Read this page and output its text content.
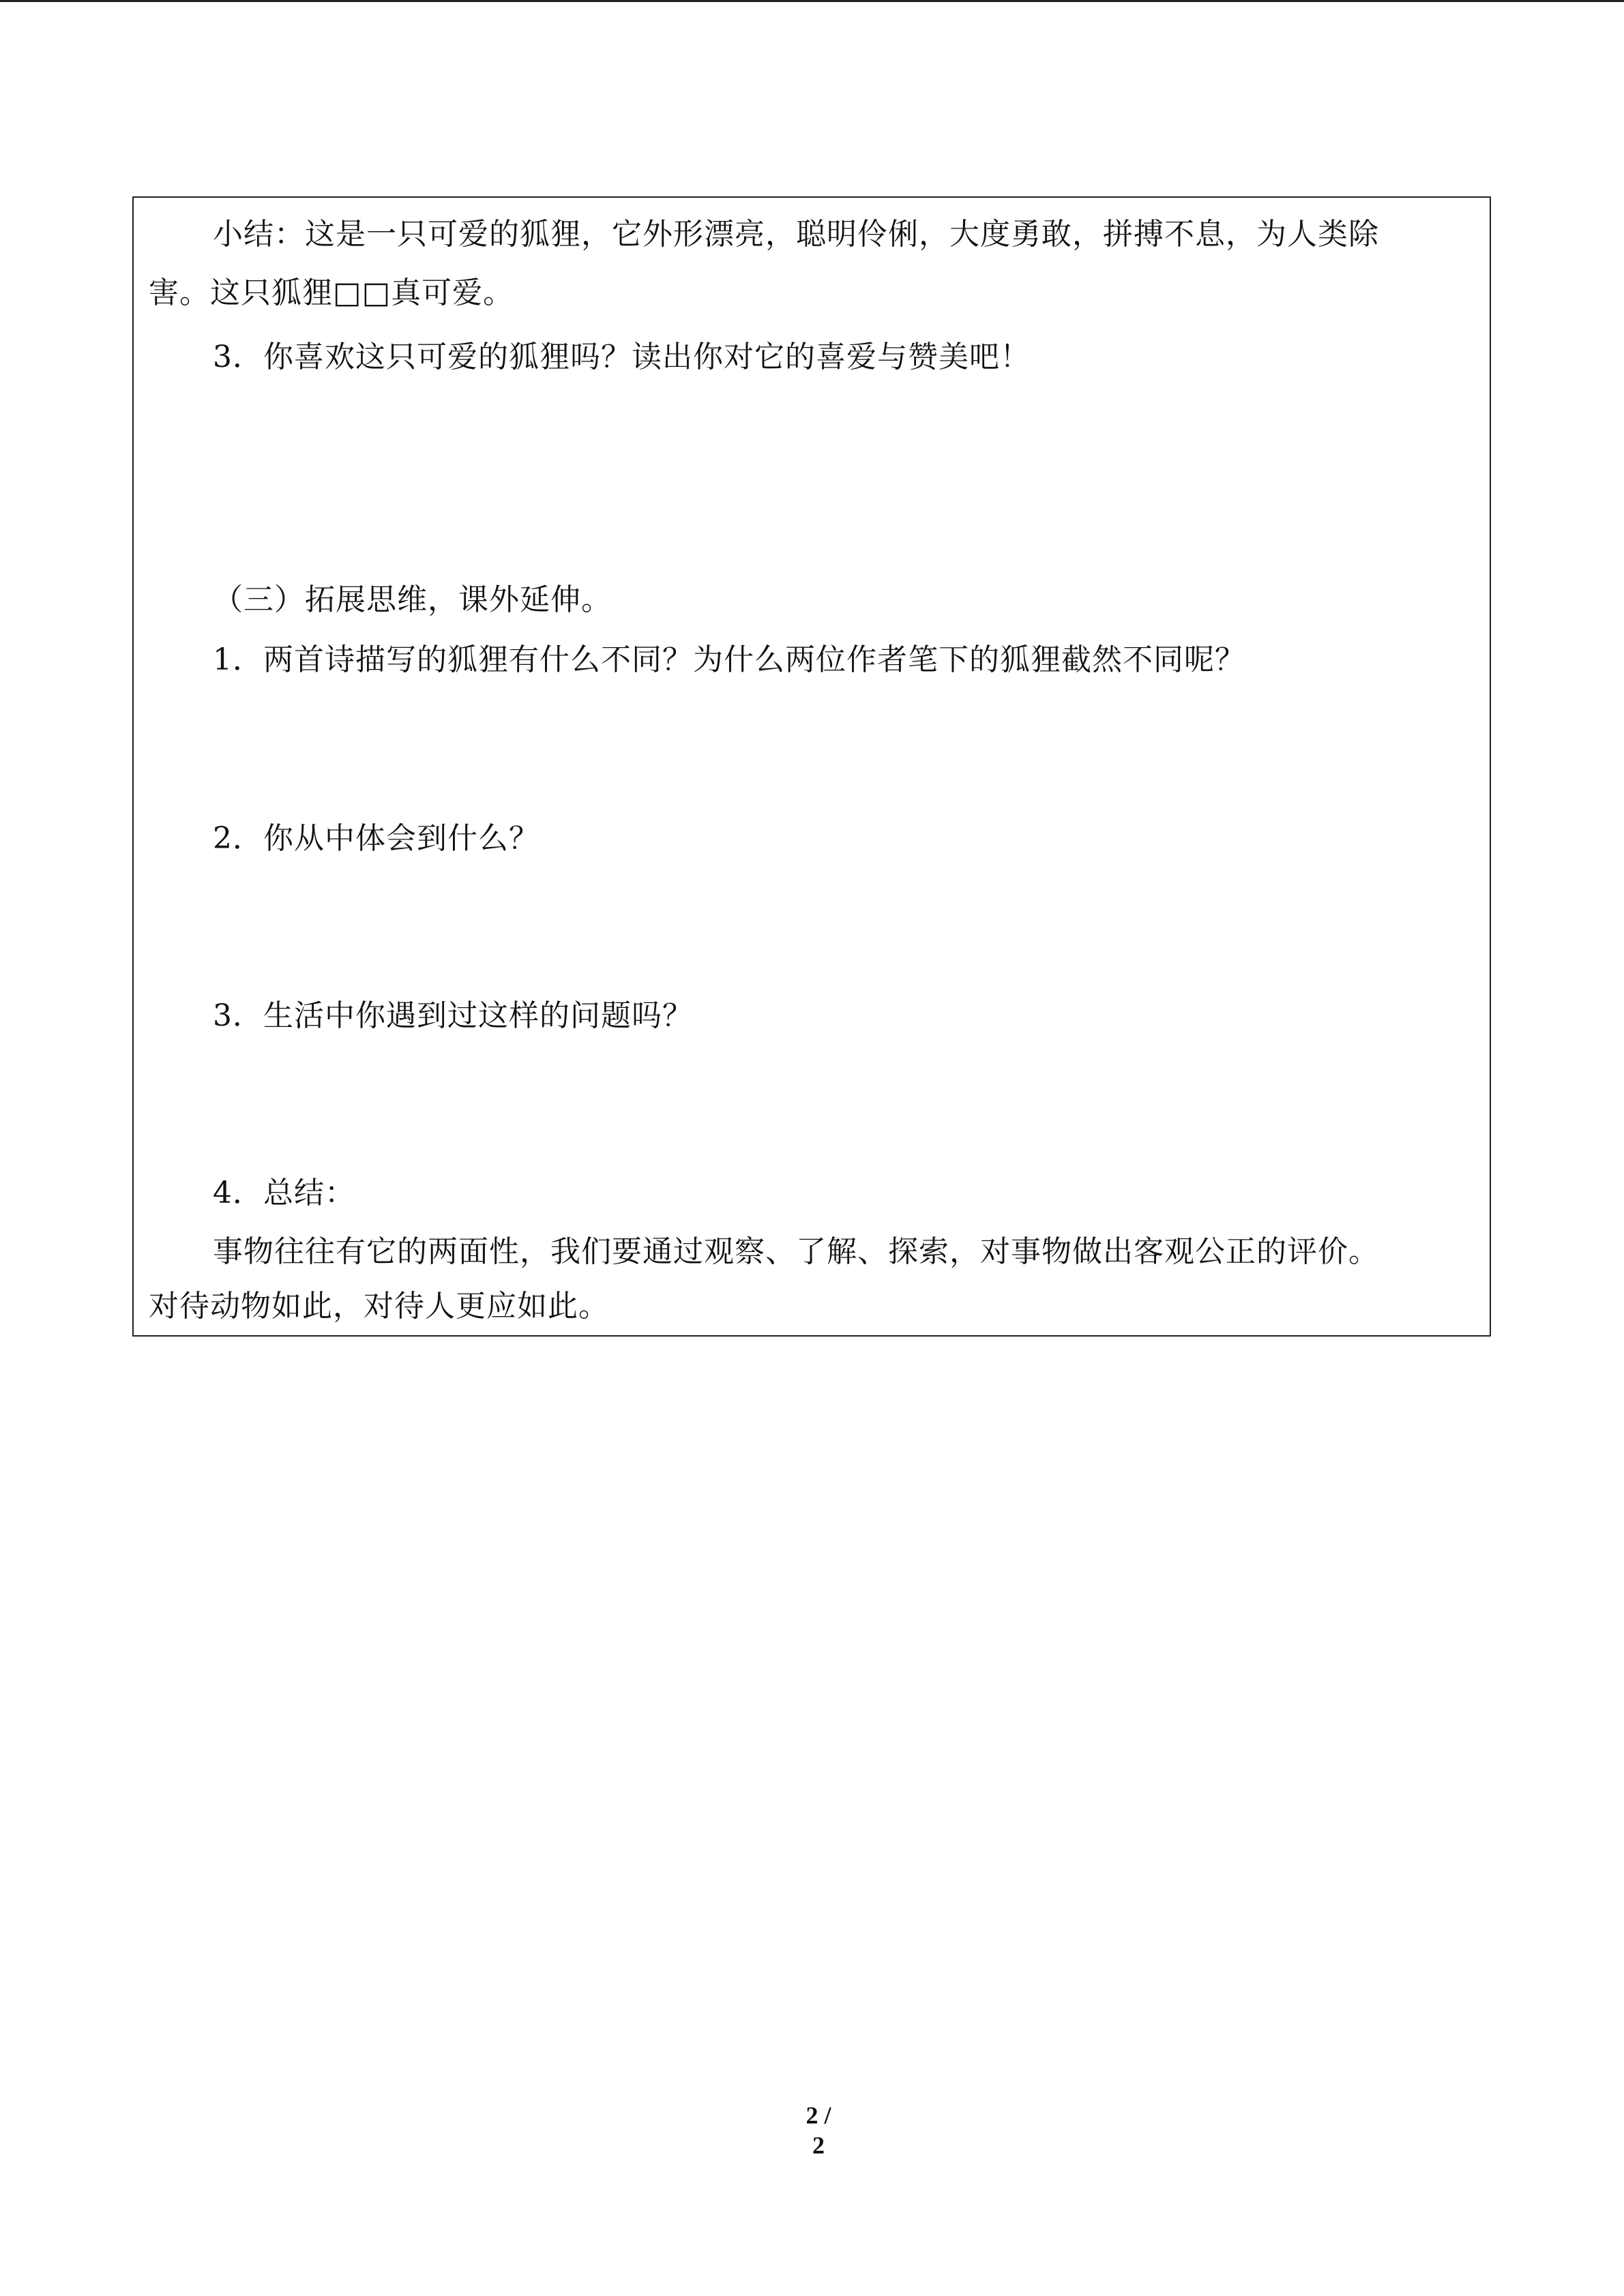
小结：这是一只可爱的狐狸，它外形漂亮，聪明伶俐，大度勇敢，拼搏不息，为人类除
害。这只狐狸□□真可爱。
3．你喜欢这只可爱的狐狸吗？读出你对它的喜爱与赞美吧！
（三）拓展思维，课外延伸。
1．两首诗描写的狐狸有什么不同？为什么两位作者笔下的狐狸截然不同呢？
2．你从中体会到什么？
3．生活中你遇到过这样的问题吗？
4．总结：
事物往往有它的两面性，我们要通过观察、了解、探索，对事物做出客观公正的评价。
对待动物如此，对待人更应如此。
2 / 2
